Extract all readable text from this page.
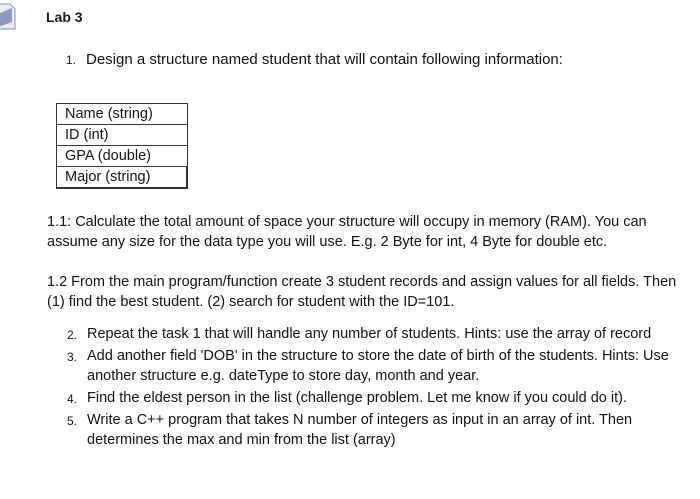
Lab 3
1. Design a structure named student that will contain following information:
Name (string)
ID (int)
GPA (double)
Major (string)
1.1: Calculate the total amount of space your structure will occupy in memory (RAM). You can assume any size for the data type you will use. E.g. 2 Byte for int, 4 Byte for double etc.
1.2 From the main program/function create 3 student records and assign values for all fields. Then (1) find the best student. (2) search for student with the ID=101.
2. Repeat the task 1 that will handle any number of students. Hints: use the array of record
3. Add another field 'DOB' in the structure to store the date of birth of the students. Hints: Use another structure e.g. dateType to store day, month and year.
4. Find the eldest person in the list (challenge problem. Let me know if you could do it).
5. Write a C++ program that takes N number of integers as input in an array of int. Then determines the max and min from the list (array)
